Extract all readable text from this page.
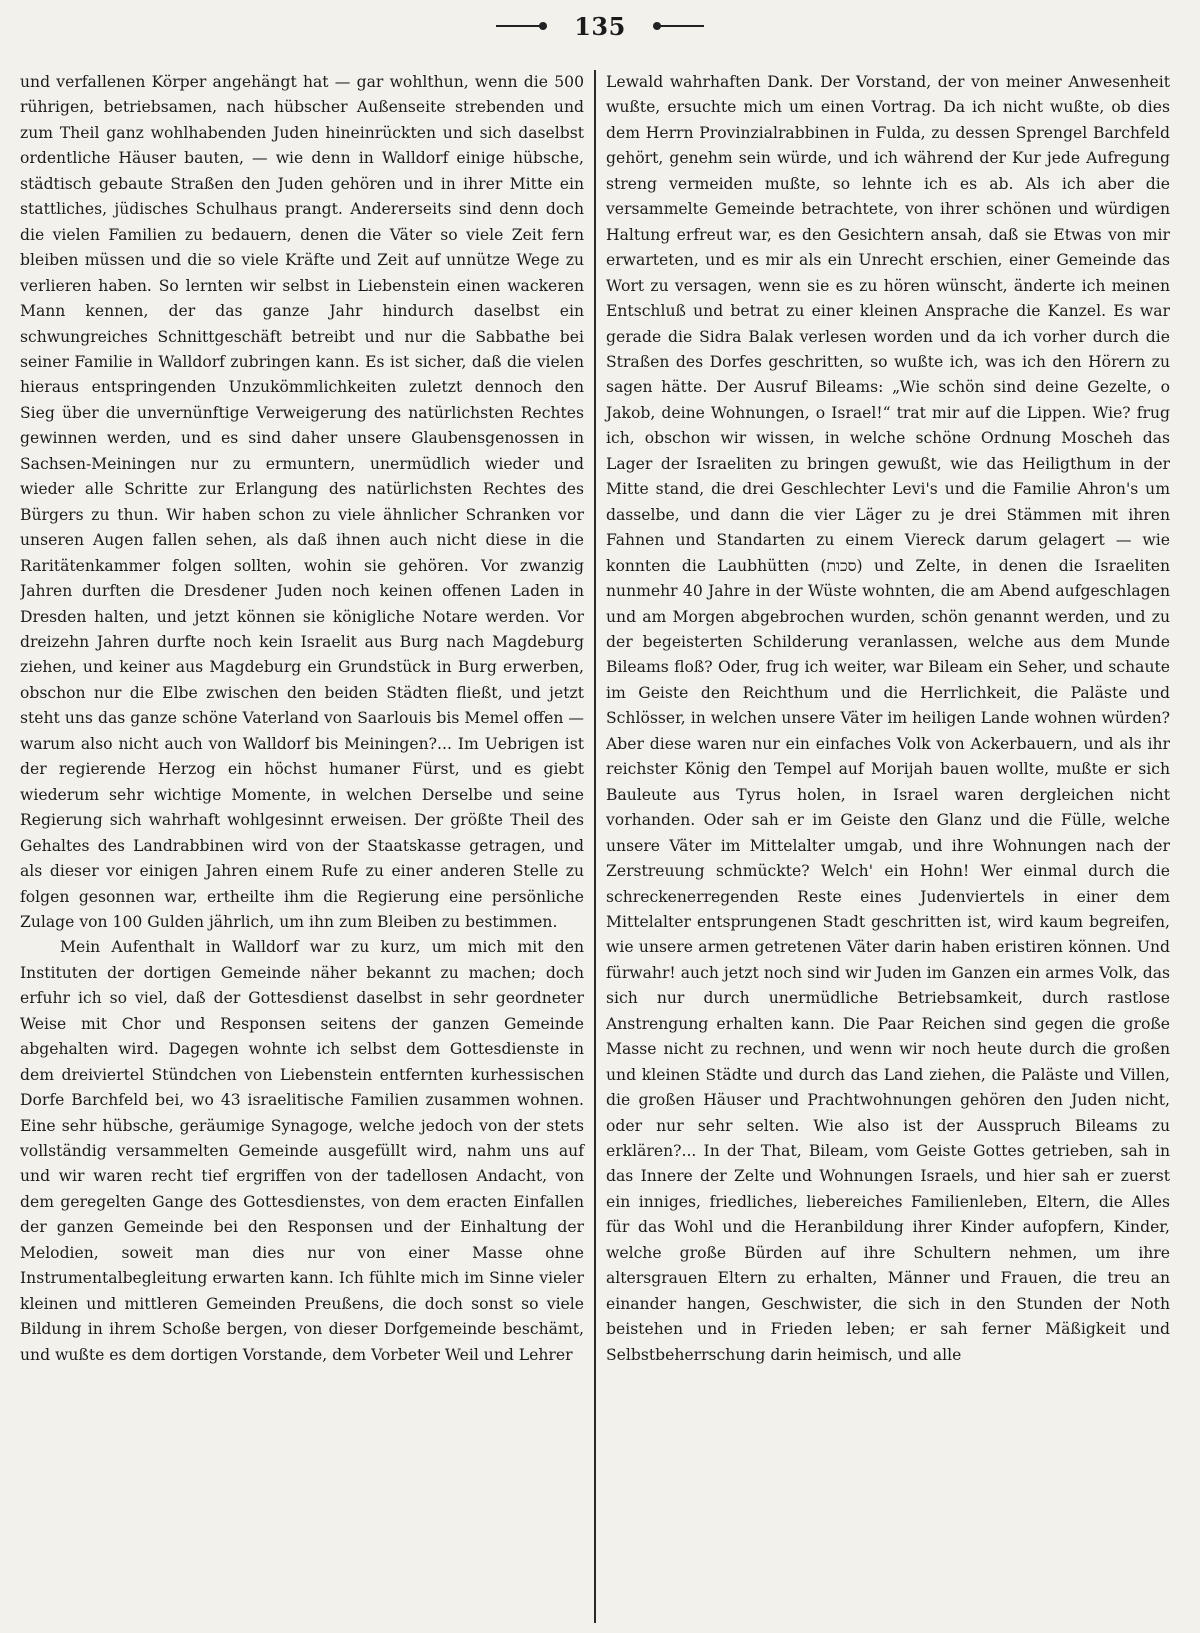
135

und verfallenen Körper angehängt hat — gar wohlthun, wenn die 500 rührigen, betriebsamen, nach hübscher Außenseite strebenden und zum Theil ganz wohlhabenden Juden hineinrückten und sich daselbst ordentliche Häuser bauten, — wie denn in Walldorf einige hübsche, städtisch gebaute Straßen den Juden gehören und in ihrer Mitte ein stattliches, jüdisches Schulhaus prangt. Andererseits sind denn doch die vielen Familien zu bedauern, denen die Väter so viele Zeit fern bleiben müssen und die so viele Kräfte und Zeit auf unnütze Wege zu verlieren haben. So lernten wir selbst in Liebenstein einen wackeren Mann kennen, der das ganze Jahr hindurch daselbst ein schwungreiches Schnittgeschäft betreibt und nur die Sabbathe bei seiner Familie in Walldorf zubringen kann. Es ist sicher, daß die vielen hieraus entspringenden Unzukömmlichkeiten zuletzt dennoch den Sieg über die unvernünftige Verweigerung des natürlichsten Rechtes gewinnen werden, und es sind daher unsere Glaubensgenossen in Sachsen-Meiningen nur zu ermuntern, unermüdlich wieder und wieder alle Schritte zur Erlangung des natürlichsten Rechtes des Bürgers zu thun. Wir haben schon zu viele ähnlicher Schranken vor unseren Augen fallen sehen, als daß ihnen auch nicht diese in die Raritätenkammer folgen sollten, wohin sie gehören. Vor zwanzig Jahren durften die Dresdener Juden noch keinen offenen Laden in Dresden halten, und jetzt können sie königliche Notare werden. Vor dreizehn Jahren durfte noch kein Israelit aus Burg nach Magdeburg ziehen, und keiner aus Magdeburg ein Grundstück in Burg erwerben, obschon nur die Elbe zwischen den beiden Städten fließt, und jetzt steht uns das ganze schöne Vaterland von Saarlouis bis Memel offen — warum also nicht auch von Walldorf bis Meiningen?... Im Uebrigen ist der regierende Herzog ein höchst humaner Fürst, und es giebt wiederum sehr wichtige Momente, in welchen Derselbe und seine Regierung sich wahrhaft wohlgesinnt erweisen. Der größte Theil des Gehaltes des Landrabbinen wird von der Staatskasse getragen, und als dieser vor einigen Jahren einem Rufe zu einer anderen Stelle zu folgen gesonnen war, ertheilte ihm die Regierung eine persönliche Zulage von 100 Gulden jährlich, um ihn zum Bleiben zu bestimmen.

Mein Aufenthalt in Walldorf war zu kurz, um mich mit den Instituten der dortigen Gemeinde näher bekannt zu machen; doch erfuhr ich so viel, daß der Gottesdienst daselbst in sehr geordneter Weise mit Chor und Responsen seitens der ganzen Gemeinde abgehalten wird. Dagegen wohnte ich selbst dem Gottesdienste in dem dreiviertel Stündchen von Liebenstein entfernten kurhessischen Dorfe Barchfeld bei, wo 43 israelitische Familien zusammen wohnen. Eine sehr hübsche, geräumige Synagoge, welche jedoch von der stets vollständig versammelten Gemeinde ausgefüllt wird, nahm uns auf und wir waren recht tief ergriffen von der tadellosen Andacht, von dem geregelten Gange des Gottesdienstes, von dem eracten Einfallen der ganzen Gemeinde bei den Responsen und der Einhaltung der Melodien, soweit man dies nur von einer Masse ohne Instrumentalbegleitung erwarten kann. Ich fühlte mich im Sinne vieler kleinen und mittleren Gemeinden Preußens, die doch sonst so viele Bildung in ihrem Schoße bergen, von dieser Dorfgemeinde beschämt, und wußte es dem dortigen Vorstande, dem Vorbeter Weil und Lehrer

Lewald wahrhaften Dank. Der Vorstand, der von meiner Anwesenheit wußte, ersuchte mich um einen Vortrag. Da ich nicht wußte, ob dies dem Herrn Provinzialrabbinen in Fulda, zu dessen Sprengel Barchfeld gehört, genehm sein würde, und ich während der Kur jede Aufregung streng vermeiden mußte, so lehnte ich es ab. Als ich aber die versammelte Gemeinde betrachtete, von ihrer schönen und würdigen Haltung erfreut war, es den Gesichtern ansah, daß sie Etwas von mir erwarteten, und es mir als ein Unrecht erschien, einer Gemeinde das Wort zu versagen, wenn sie es zu hören wünscht, änderte ich meinen Entschluß und betrat zu einer kleinen Ansprache die Kanzel. Es war gerade die Sidra Balak verlesen worden und da ich vorher durch die Straßen des Dorfes geschritten, so wußte ich, was ich den Hörern zu sagen hätte. Der Ausruf Bileams: „Wie schön sind deine Gezelte, o Jakob, deine Wohnungen, o Israel!“ trat mir auf die Lippen. Wie? frug ich, obschon wir wissen, in welche schöne Ordnung Moscheh das Lager der Israeliten zu bringen gewußt, wie das Heiligthum in der Mitte stand, die drei Geschlechter Levi's und die Familie Ahron's um dasselbe, und dann die vier Läger zu je drei Stämmen mit ihren Fahnen und Standarten zu einem Viereck darum gelagert — wie konnten die Laubhütten (סכות) und Zelte, in denen die Israeliten nunmehr 40 Jahre in der Wüste wohnten, die am Abend aufgeschlagen und am Morgen abgebrochen wurden, schön genannt werden, und zu der begeisterten Schilderung veranlassen, welche aus dem Munde Bileams floß? Oder, frug ich weiter, war Bileam ein Seher, und schaute im Geiste den Reichthum und die Herrlichkeit, die Paläste und Schlösser, in welchen unsere Väter im heiligen Lande wohnen würden? Aber diese waren nur ein einfaches Volk von Ackerbauern, und als ihr reichster König den Tempel auf Morijah bauen wollte, mußte er sich Bauleute aus Tyrus holen, in Israel waren dergleichen nicht vorhanden. Oder sah er im Geiste den Glanz und die Fülle, welche unsere Väter im Mittelalter umgab, und ihre Wohnungen nach der Zerstreuung schmückte? Welch' ein Hohn! Wer einmal durch die schreckenerregenden Reste eines Judenviertels in einer dem Mittelalter entsprungenen Stadt geschritten ist, wird kaum begreifen, wie unsere armen getretenen Väter darin haben eristiren können. Und fürwahr! auch jetzt noch sind wir Juden im Ganzen ein armes Volk, das sich nur durch unermüdliche Betriebsamkeit, durch rastlose Anstrengung erhalten kann. Die Paar Reichen sind gegen die große Masse nicht zu rechnen, und wenn wir noch heute durch die großen und kleinen Städte und durch das Land ziehen, die Paläste und Villen, die großen Häuser und Prachtwohnungen gehören den Juden nicht, oder nur sehr selten. Wie also ist der Ausspruch Bileams zu erklären?... In der That, Bileam, vom Geiste Gottes getrieben, sah in das Innere der Zelte und Wohnungen Israels, und hier sah er zuerst ein inniges, friedliches, liebereiches Familienleben, Eltern, die Alles für das Wohl und die Heranbildung ihrer Kinder aufopfern, Kinder, welche große Bürden auf ihre Schultern nehmen, um ihre altersgrauen Eltern zu erhalten, Männer und Frauen, die treu an einander hangen, Geschwister, die sich in den Stunden der Noth beistehen und in Frieden leben; er sah ferner Mäßigkeit und Selbstbeherrschung darin heimisch, und alle
